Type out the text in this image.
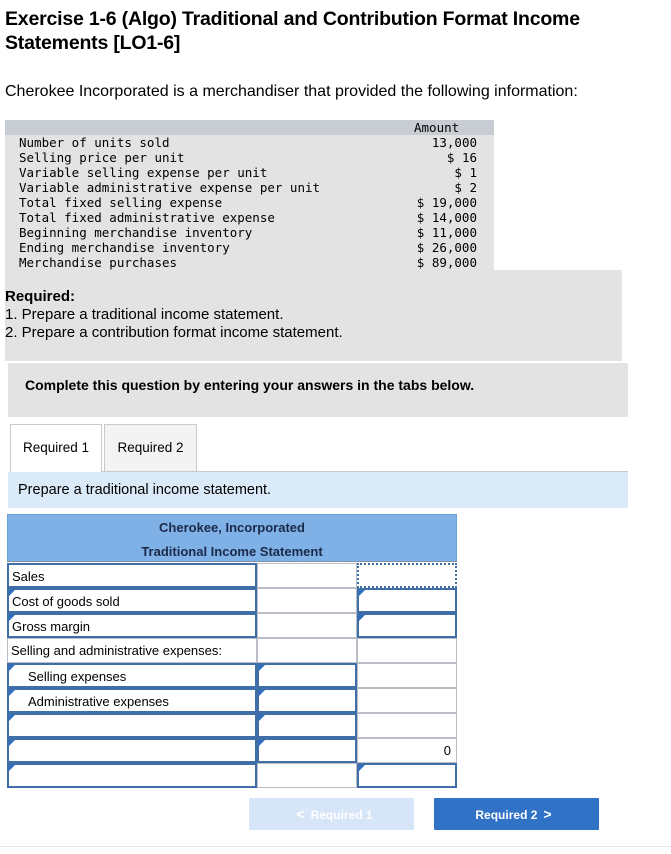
Exercise 1-6 (Algo) Traditional and Contribution Format Income Statements [LO1-6]
Cherokee Incorporated is a merchandiser that provided the following information:
Amount
Number of units sold
Selling price per unit
Variable selling expense per unit
Variable administrative expense per unit
Total fixed selling expense
Total fixed administrative expense
Beginning merchandise inventory
Ending merchandise inventory
Merchandise purchases
13,000
$ 16
$ 1
$ 2
$ 19,000
$ 14,000
$ 11,000
$ 26,000
$ 89,000
Required:
1. Prepare a traditional income statement.
2. Prepare a contribution format income statement.
Complete this question by entering your answers in the tabs below.
Required 1	Required 2
Prepare a traditional income statement.
Cherokee, Incorporated
Traditional Income Statement
Sales
Cost of goods sold
Gross margin
Selling and administrative expenses:
Selling expenses
Administrative expenses
0
< Required 1	Required 2 >
